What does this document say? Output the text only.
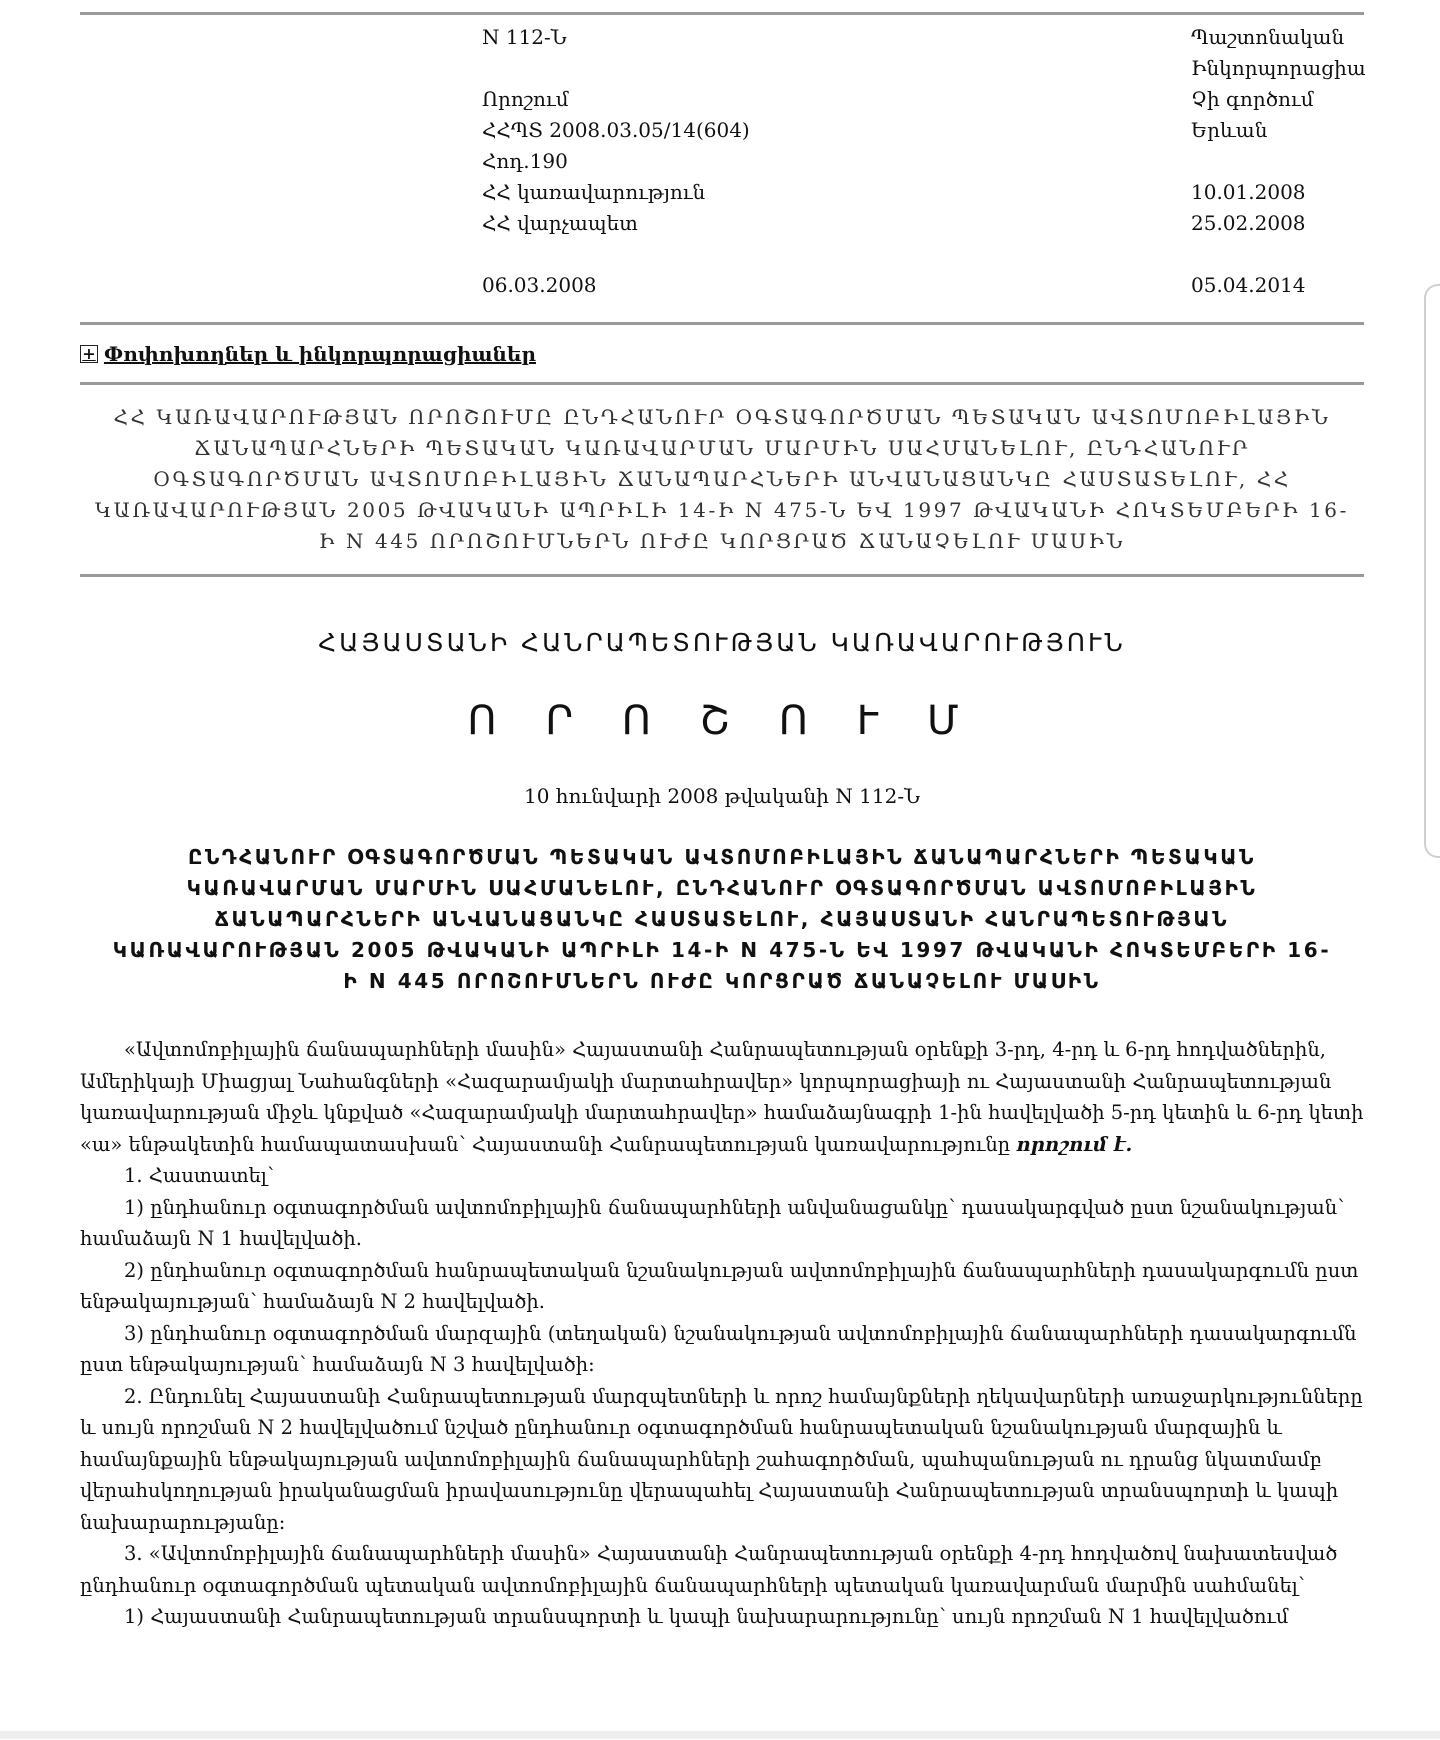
N 112-Ն
Որոշում
ՀՀՊՏ 2008.03.05/14(604)
Հոդ.190
ՀՀ կառավարություն
ՀՀ վարչապետ
06.03.2008
Պաշտոնական
Ինկորպորացիա
Չի գործում
Երևան
10.01.2008
25.02.2008
05.04.2014
+ Փոփոխողներ և ինկորպորացիաներ
ՀՀ ԿԱՌԱՎԱՐՈՒԹՅԱՆ ՈՐՈՇՈՒՄԸ ԸՆԴՀԱՆՈՒՐ ՕԳՏԱԳՈՐԾՄԱՆ ՊԵՏԱԿԱՆ ԱՎՏՈՄՈԲԻԼԱՅԻՆ
ՃԱՆԱՊԱՐՀՆԵՐԻ ՊԵՏԱԿԱՆ ԿԱՌԱՎԱՐՄԱՆ ՄԱՐՄԻՆ ՍԱՀՄԱՆԵԼՈՒ, ԸՆԴՀԱՆՈՒՐ
ՕԳՏԱԳՈՐԾՄԱՆ ԱՎՏՈՄՈԲԻԼԱՅԻՆ ՃԱՆԱՊԱՐՀՆԵՐԻ ԱՆՎԱՆԱՑԱՆԿԸ ՀԱՍՏԱՏԵԼՈՒ, ՀՀ
ԿԱՌԱՎԱՐՈՒԹՅԱՆ 2005 ԹՎԱԿԱՆԻ ԱՊՐԻԼԻ 14-Ի N 475-Ն ԵՎ 1997 ԹՎԱԿԱՆԻ ՀՈԿՏԵՄԲԵՐԻ 16-
Ի N 445 ՈՐՈՇՈՒՄՆԵՐՆ ՈՒԺԸ ԿՈՐՑՐԱԾ ՃԱՆԱՉԵԼՈՒ ՄԱՍԻՆ
ՀԱՅԱՍՏԱՆԻ ՀԱՆՐԱՊԵՏՈՒԹՅԱՆ ԿԱՌԱՎԱՐՈՒԹՅՈՒՆ
Ո Ր Ո Շ Ո Ւ Մ
10 հունվարի 2008 թվականի N 112-Ն
ԸՆԴՀԱՆՈՒՐ ՕԳՏԱԳՈՐԾՄԱՆ ՊԵՏԱԿԱՆ ԱՎՏՈՄՈԲԻԼԱՅԻՆ ՃԱՆԱՊԱՐՀՆԵՐԻ ՊԵՏԱԿԱՆ
ԿԱՌԱՎԱՐՄԱՆ ՄԱՐՄԻՆ ՍԱՀՄԱՆԵԼՈՒ, ԸՆԴՀԱՆՈՒՐ ՕԳՏԱԳՈՐԾՄԱՆ ԱՎՏՈՄՈԲԻԼԱՅԻՆ
ՃԱՆԱՊԱՐՀՆԵՐԻ ԱՆՎԱՆԱՑԱՆԿԸ ՀԱՍՏԱՏԵԼՈՒ, ՀԱՅԱՍՏԱՆԻ ՀԱՆՐԱՊԵՏՈՒԹՅԱՆ
ԿԱՌԱՎԱՐՈՒԹՅԱՆ 2005 ԹՎԱԿԱՆԻ ԱՊՐԻԼԻ 14-Ի N 475-Ն ԵՎ 1997 ԹՎԱԿԱՆԻ ՀՈԿՏԵՄԲԵՐԻ 16-
Ի N 445 ՈՐՈՇՈՒՄՆԵՐՆ ՈՒԺԸ ԿՈՐՑՐԱԾ ՃԱՆԱՉԵԼՈՒ ՄԱՍԻՆ

«Ավտոմոբիլային ճանապարհների մասին» Հայաստանի Հանրապետության օրենքի 3-րդ, 4-րդ և 6-րդ հոդվածներին, Ամերիկայի Միացյալ Նահանգների «Հազարամյակի մարտահրավեր» կորպորացիայի ու Հայաստանի Հանրապետության կառավարության միջև կնքված «Հազարամյակի մարտահրավեր» համաձայնագրի 1-ին հավելվածի 5-րդ կետին և 6-րդ կետի «ա» ենթակետին համապատասխան՝ Հայաստանի Հանրապետության կառավարությունը որոշում է.

1. Հաստատել՝

1) ընդհանուր օգտագործման ավտոմոբիլային ճանապարհների անվանացանկը՝ դասակարգված ըստ նշանակության՝ համաձայն N 1 հավելվածի.

2) ընդհանուր օգտագործման հանրապետական նշանակության ավտոմոբիլային ճանապարհների դասակարգումն ըստ ենթակայության՝ համաձայն N 2 հավելվածի.

3) ընդհանուր օգտագործման մարզային (տեղական) նշանակության ավտոմոբիլային ճանապարհների դասակարգումն ըստ ենթակայության՝ համաձայն N 3 հավելվածի:

2. Ընդունել Հայաստանի Հանրապետության մարզպետների և որոշ համայնքների ղեկավարների առաջարկությունները և սույն որոշման N 2 հավելվածում նշված ընդհանուր օգտագործման հանրապետական նշանակության մարզային և համայնքային ենթակայության ավտոմոբիլային ճանապարհների շահագործման, պահպանության ու դրանց նկատմամբ վերահսկողության իրականացման իրավասությունը վերապահել Հայաստանի Հանրապետության տրանսպորտի և կապի նախարարությանը:

3. «Ավտոմոբիլային ճանապարհների մասին» Հայաստանի Հանրապետության օրենքի 4-րդ հոդվածով նախատեսված ընդհանուր օգտագործման պետական ավտոմոբիլային ճանապարհների պետական կառավարման մարմին սահմանել՝

1) Հայաստանի Հանրապետության տրանսպորտի և կապի նախարարությունը՝ սույն որոշման N 1 հավելվածում
